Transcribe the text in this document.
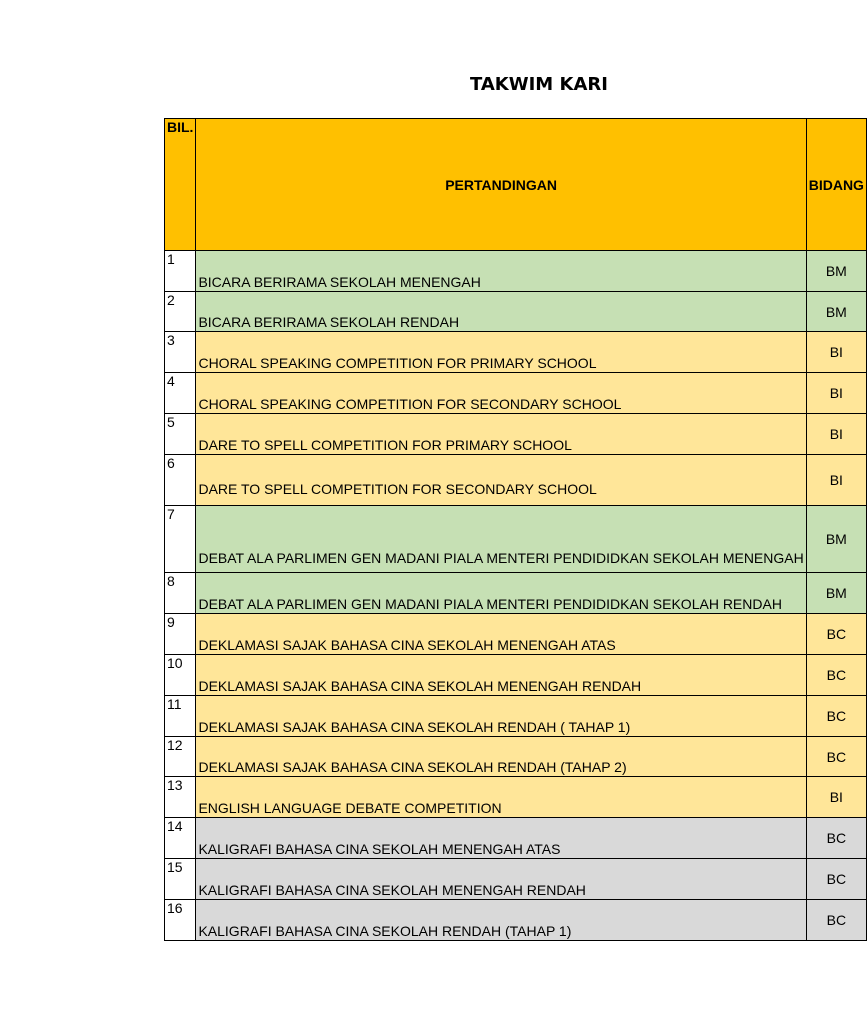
TAKWIM KARI
BIL.	PERTANDINGAN	BIDANG
1	BICARA BERIRAMA SEKOLAH MENENGAH	BM
2	BICARA BERIRAMA SEKOLAH RENDAH	BM
3	CHORAL SPEAKING COMPETITION FOR PRIMARY SCHOOL	BI
4	CHORAL SPEAKING COMPETITION FOR SECONDARY SCHOOL	BI
5	DARE TO SPELL COMPETITION FOR PRIMARY SCHOOL	BI
6	DARE TO SPELL COMPETITION FOR SECONDARY SCHOOL	BI
7	DEBAT ALA PARLIMEN GEN MADANI PIALA MENTERI PENDIDIDKAN SEKOLAH MENENGAH	BM
8	DEBAT ALA PARLIMEN GEN MADANI PIALA MENTERI PENDIDIDKAN SEKOLAH RENDAH	BM
9	DEKLAMASI SAJAK BAHASA CINA SEKOLAH MENENGAH ATAS	BC
10	DEKLAMASI SAJAK BAHASA CINA SEKOLAH MENENGAH RENDAH	BC
11	DEKLAMASI SAJAK BAHASA CINA SEKOLAH RENDAH ( TAHAP 1)	BC
12	DEKLAMASI SAJAK BAHASA CINA SEKOLAH RENDAH (TAHAP 2)	BC
13	ENGLISH LANGUAGE DEBATE COMPETITION	BI
14	KALIGRAFI BAHASA CINA SEKOLAH MENENGAH ATAS	BC
15	KALIGRAFI BAHASA CINA SEKOLAH MENENGAH RENDAH	BC
16	KALIGRAFI BAHASA CINA SEKOLAH RENDAH (TAHAP 1)	BC
